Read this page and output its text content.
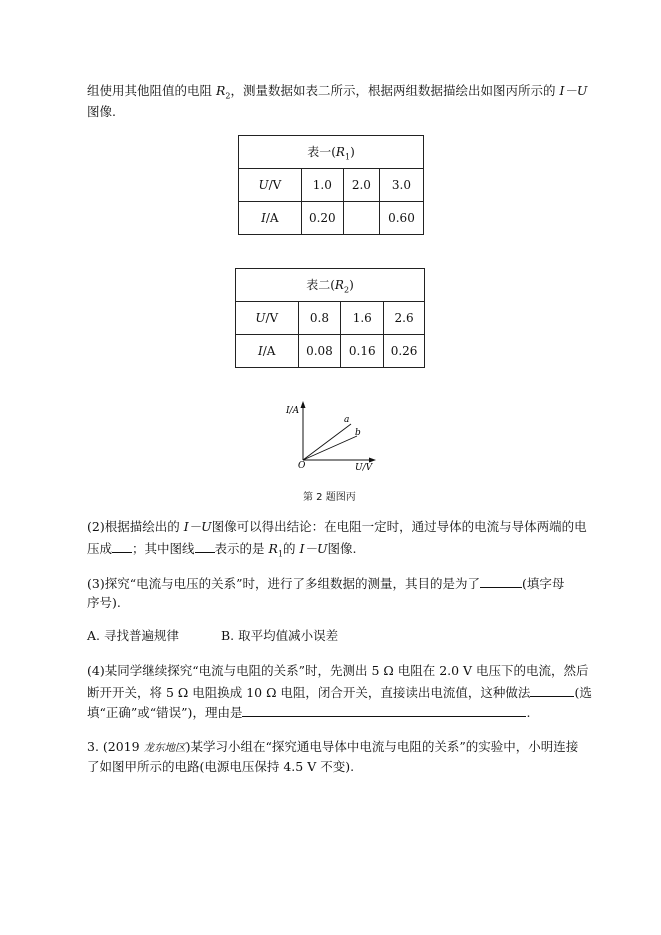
组使用其他阻值的电阻 $R_2$，测量数据如表二所示，根据两组数据描绘出如图丙所示的 I－U
图像.
表一$(R_1)$			
U/V	1.0	2.0	3.0
I/A	0.20		0.60
表二$(R_2)$			
U/V	0.8	1.6	2.6
I/A	0.08	0.16	0.26
I/A
U/V
O
a
b
第 2 题图丙
(2)根据描绘出的 I－U图像可以得出结论：在电阻一定时，通过导体的电流与导体两端的电
压成 ；其中图线 表示的是 $R_1$的 I－U图像.
(3)探究“电流与电压的关系”时，进行了多组数据的测量，其目的是为了	(填字母
序号).
A. 寻找普遍规律	B. 取平均值减小误差
(4)某同学继续探究“电流与电阻的关系”时，先测出 5 Ω 电阻在 2.0 V 电压下的电流，然后
断开开关，将 5 Ω 电阻换成 10 Ω 电阻，闭合开关，直接读出电流值，这种做法	(选
填“正确”或“错误”)，理由是	.
3. (2019 龙东地区)某学习小组在“探究通电导体中电流与电阻的关系”的实验中，小明连接
了如图甲所示的电路(电源电压保持 4.5 V 不变).
